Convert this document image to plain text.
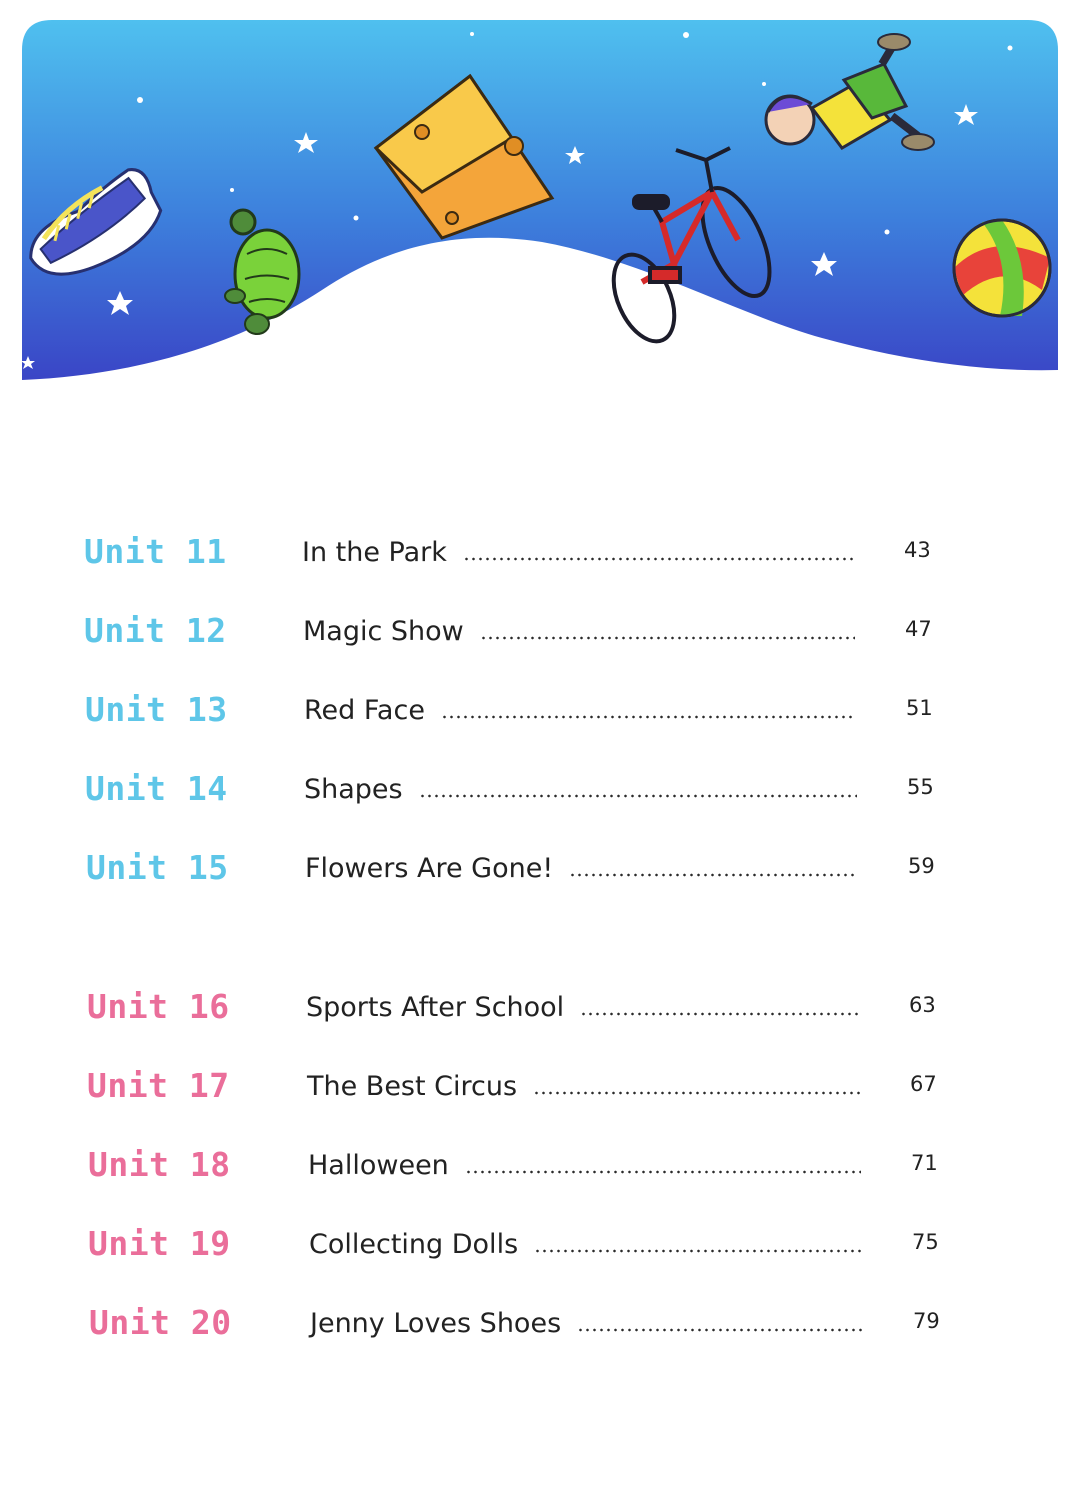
Unit 11	In the Park	43
Unit 12	Magic Show	47
Unit 13	Red Face	51
Unit 14	Shapes	55
Unit 15	Flowers Are Gone!	59
Unit 16	Sports After School	63
Unit 17	The Best Circus	67
Unit 18	Halloween	71
Unit 19	Collecting Dolls	75
Unit 20	Jenny Loves Shoes	79
